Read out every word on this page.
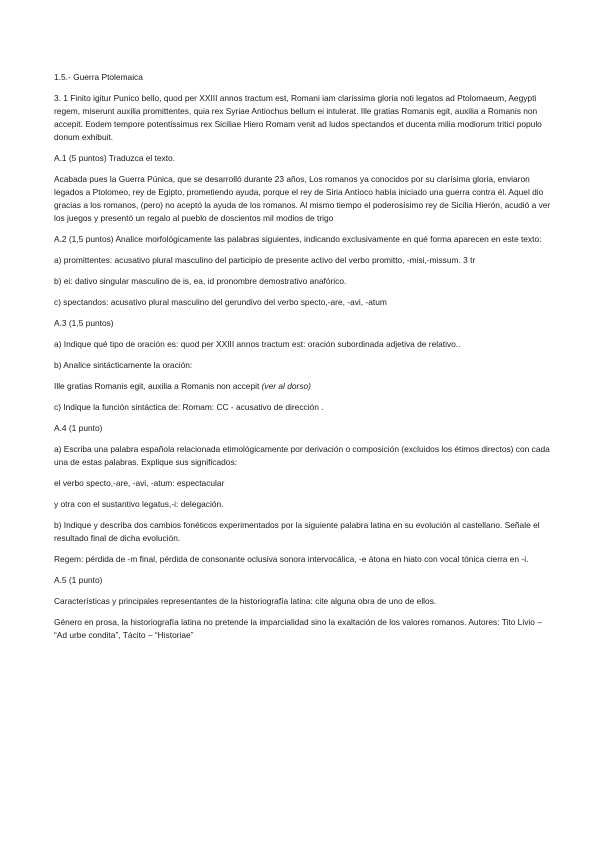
1.5.- Guerra Ptolemaica

3. 1 Finito igitur Punico bello, quod per XXIII annos tractum est, Romani iam clarissima gloria noti legatos ad Ptolomaeum, Aegypti regem, miserunt auxilia promittentes, quia rex Syriae Antiochus bellum ei intulerat. Ille gratias Romanis egit, auxilia a Romanis non accepit. Eodem tempore potentissimus rex Siciliae Hiero Romam venit ad ludos spectandos et ducenta milia modiorum tritici populo donum exhibuit.

A.1 (5 puntos) Traduzca el texto.

Acabada pues la Guerra Púnica, que se desarrolló durante 23 años, Los romanos ya conocidos por su clarísima gloria, enviaron legados a Ptolomeo, rey de Egipto, prometiendo ayuda, porque el rey de Siria Antíoco había iniciado una guerra contra él. Aquel dio gracias a los romanos, (pero) no aceptó la ayuda de los romanos. Al mismo tiempo el poderosísimo rey de Sicilia Hierón, acudió a ver los juegos y presentó un regalo al pueblo de doscientos mil modios de trigo

A.2 (1,5 puntos) Analice morfológicamente las palabras siguientes, indicando exclusivamente en qué forma aparecen en este texto:

a) promittentes: acusativo plural masculino del participio de presente activo del verbo promitto, -misi,-missum. 3 tr

b) ei: dativo singular masculino de is, ea, id pronombre demostrativo anafórico.

c) spectandos: acusativo plural masculino del gerundivo del verbo specto,-are, -avi, -atum

A.3 (1,5 puntos)

a) Indique qué tipo de oración es: quod per XXIII annos tractum est: oración subordinada adjetiva de relativo..

b) Analice sintácticamente la oración:

Ille gratias Romanis egit, auxilia a Romanis non accepit (ver al dorso)

c) Indique la función sintáctica de: Romam: CC - acusativo de dirección .

A.4 (1 punto)

a) Escriba una palabra española relacionada etimológicamente por derivación o composición (excluidos los étimos directos) con cada una de estas palabras. Explique sus significados:

el verbo specto,-are, -avi, -atum: espectacular

y otra con el sustantivo legatus,-i: delegación.

b) Indique y describa dos cambios fonéticos experimentados por la siguiente palabra latina en su evolución al castellano. Señale el resultado final de dicha evolución.

Regem: pérdida de -m final, pérdida de consonante oclusiva sonora intervocálica, -e átona en hiato con vocal tónica cierra en -i.

A.5 (1 punto)

Características y principales representantes de la historiografía latina: cite alguna obra de uno de ellos.

Género en prosa, la historiografía latina no pretende la imparcialidad sino la exaltación de los valores romanos. Autores: Tito Livio – “Ad urbe condita”, Tácito – “Historiae”
